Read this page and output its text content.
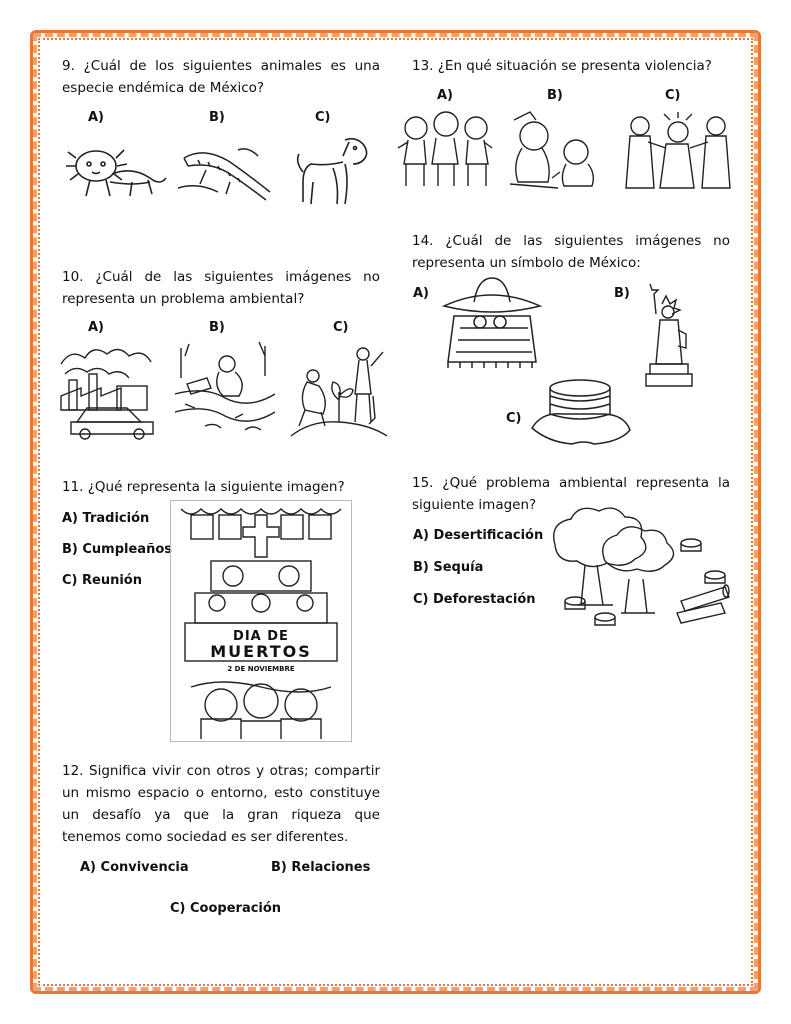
9. ¿Cuál de los siguientes animales es una especie endémica de México?
A)	B)	C)
10. ¿Cuál de las siguientes imágenes no representa un problema ambiental?
A)	B)	C)
11. ¿Qué representa la siguiente imagen?
A) Tradición
B) Cumpleaños
C) Reunión
DIA DE
MUERTOS
2 DE NOVIEMBRE
12. Significa vivir con otros y otras; compartir un mismo espacio o entorno, esto constituye un desafío ya que la gran riqueza que tenemos como sociedad es ser diferentes.
A) Convivencia	B) Relaciones
C) Cooperación
13. ¿En qué situación se presenta violencia?
A)	B)	C)
14. ¿Cuál de las siguientes imágenes no representa un símbolo de México:
A)	B)
C)
15. ¿Qué problema ambiental representa la siguiente imagen?
A) Desertificación
B) Sequía
C) Deforestación
